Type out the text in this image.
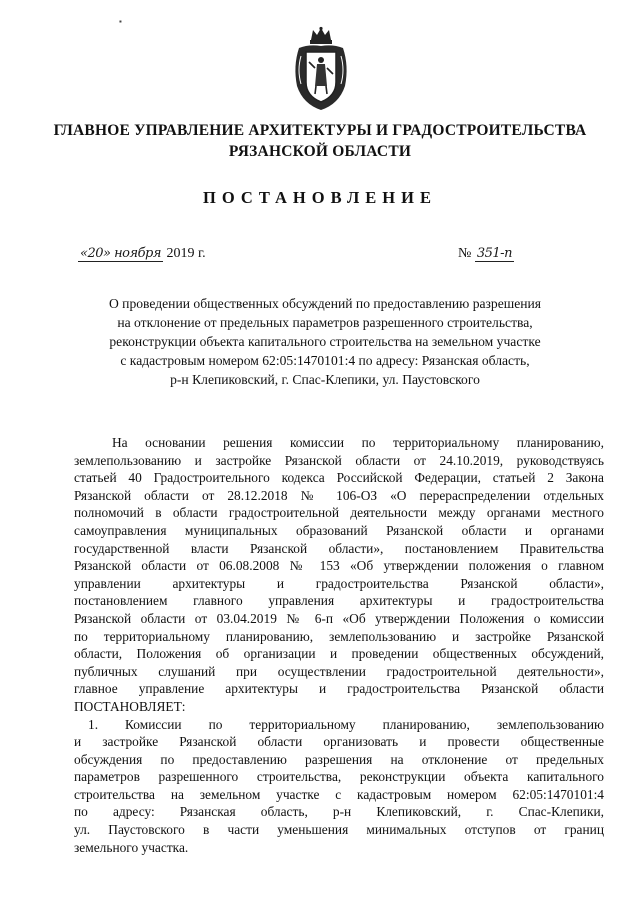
▪
ГЛАВНОЕ УПРАВЛЕНИЕ АРХИТЕКТУРЫ И ГРАДОСТРОИТЕЛЬСТВА
РЯЗАНСКОЙ ОБЛАСТИ
ПОСТАНОВЛЕНИЕ
«20» ноября 2019 г.	№ 351-п
О проведении общественных обсуждений по предоставлению разрешения
на отклонение от предельных параметров разрешенного строительства,
реконструкции объекта капитального строительства на земельном участке
с кадастровым номером 62:05:1470101:4 по адресу: Рязанская область,
р-н Клепиковский, г. Спас-Клепики, ул. Паустовского
На основании решения комиссии по территориальному планированию,
землепользованию и застройке Рязанской области от 24.10.2019, руководствуясь
статьей 40 Градостроительного кодекса Российской Федерации, статьей 2 Закона
Рязанской области от 28.12.2018 № 106-ОЗ «О перераспределении отдельных
полномочий в области градостроительной деятельности между органами местного
самоуправления муниципальных образований Рязанской области и органами
государственной власти Рязанской области», постановлением Правительства
Рязанской области от 06.08.2008 № 153 «Об утверждении положения о главном
управлении архитектуры и градостроительства Рязанской области»,
постановлением главного управления архитектуры и градостроительства
Рязанской области от 03.04.2019 № 6-п «Об утверждении Положения о комиссии
по территориальному планированию, землепользованию и застройке Рязанской
области, Положения об организации и проведении общественных обсуждений,
публичных слушаний при осуществлении градостроительной деятельности»,
главное управление архитектуры и градостроительства Рязанской области
ПОСТАНОВЛЯЕТ:
1. Комиссии по территориальному планированию, землепользованию
и застройке Рязанской области организовать и провести общественные
обсуждения по предоставлению разрешения на отклонение от предельных
параметров разрешенного строительства, реконструкции объекта капитального
строительства на земельном участке с кадастровым номером 62:05:1470101:4
по адресу: Рязанская область, р-н Клепиковский, г. Спас-Клепики,
ул. Паустовского в части уменьшения минимальных отступов от границ
земельного участка.
